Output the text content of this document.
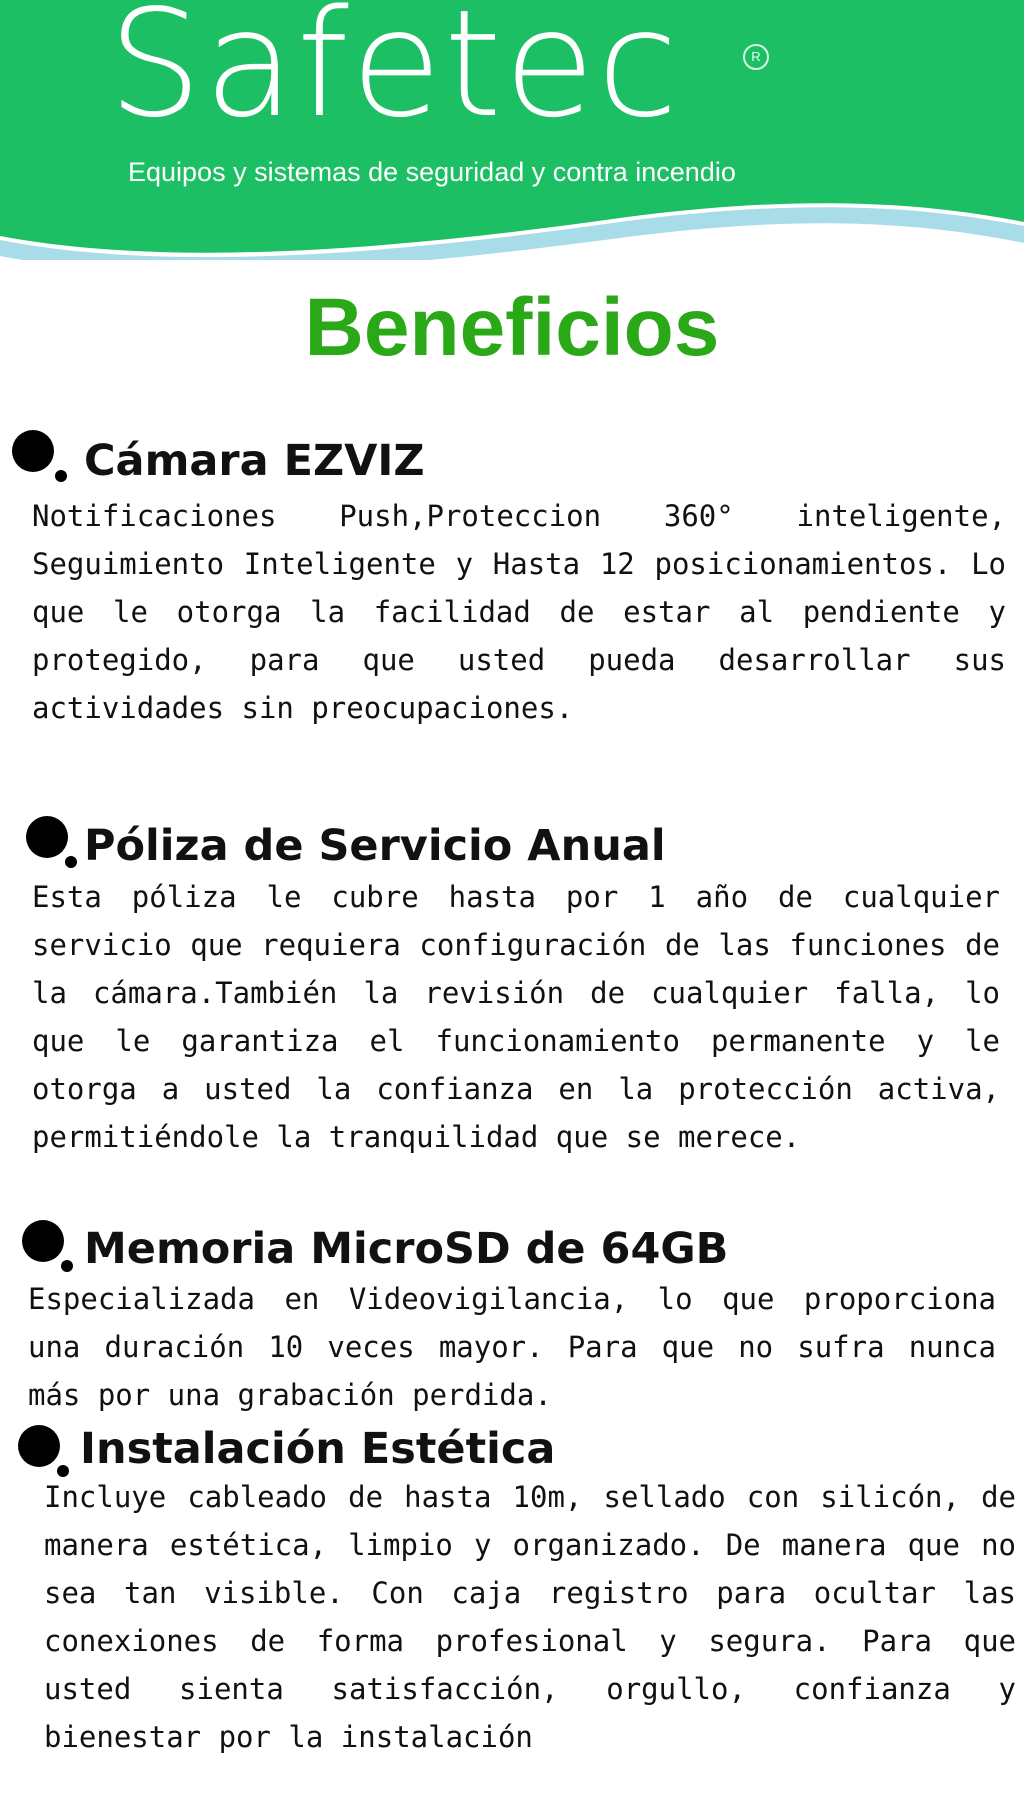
Safetec	R
Equipos y sistemas de seguridad y contra incendio
Beneficios
Cámara EZVIZ

Notificaciones Push,Proteccion 360° inteligente, Seguimiento Inteligente y Hasta 12 posicionamientos. Lo que le otorga la facilidad de estar al pendiente y protegido, para que usted pueda desarrollar sus actividades sin preocupaciones.

Póliza de Servicio Anual

Esta póliza le cubre hasta por 1 año de cualquier servicio que requiera configuración de las funciones de la cámara.También la revisión de cualquier falla, lo que le garantiza el funcionamiento permanente y le otorga a usted la confianza en la protección activa, permitiéndole la tranquilidad que se merece.

Memoria MicroSD de 64GB

Especializada en Videovigilancia, lo que proporciona una duración 10 veces mayor. Para que no sufra nunca más por una grabación perdida.

Instalación Estética

Incluye cableado de hasta 10m, sellado con silicón, de manera estética, limpio y organizado. De manera que no sea tan visible. Con caja registro para ocultar las conexiones de forma profesional y segura. Para que usted sienta satisfacción, orgullo, confianza y bienestar por la instalación
